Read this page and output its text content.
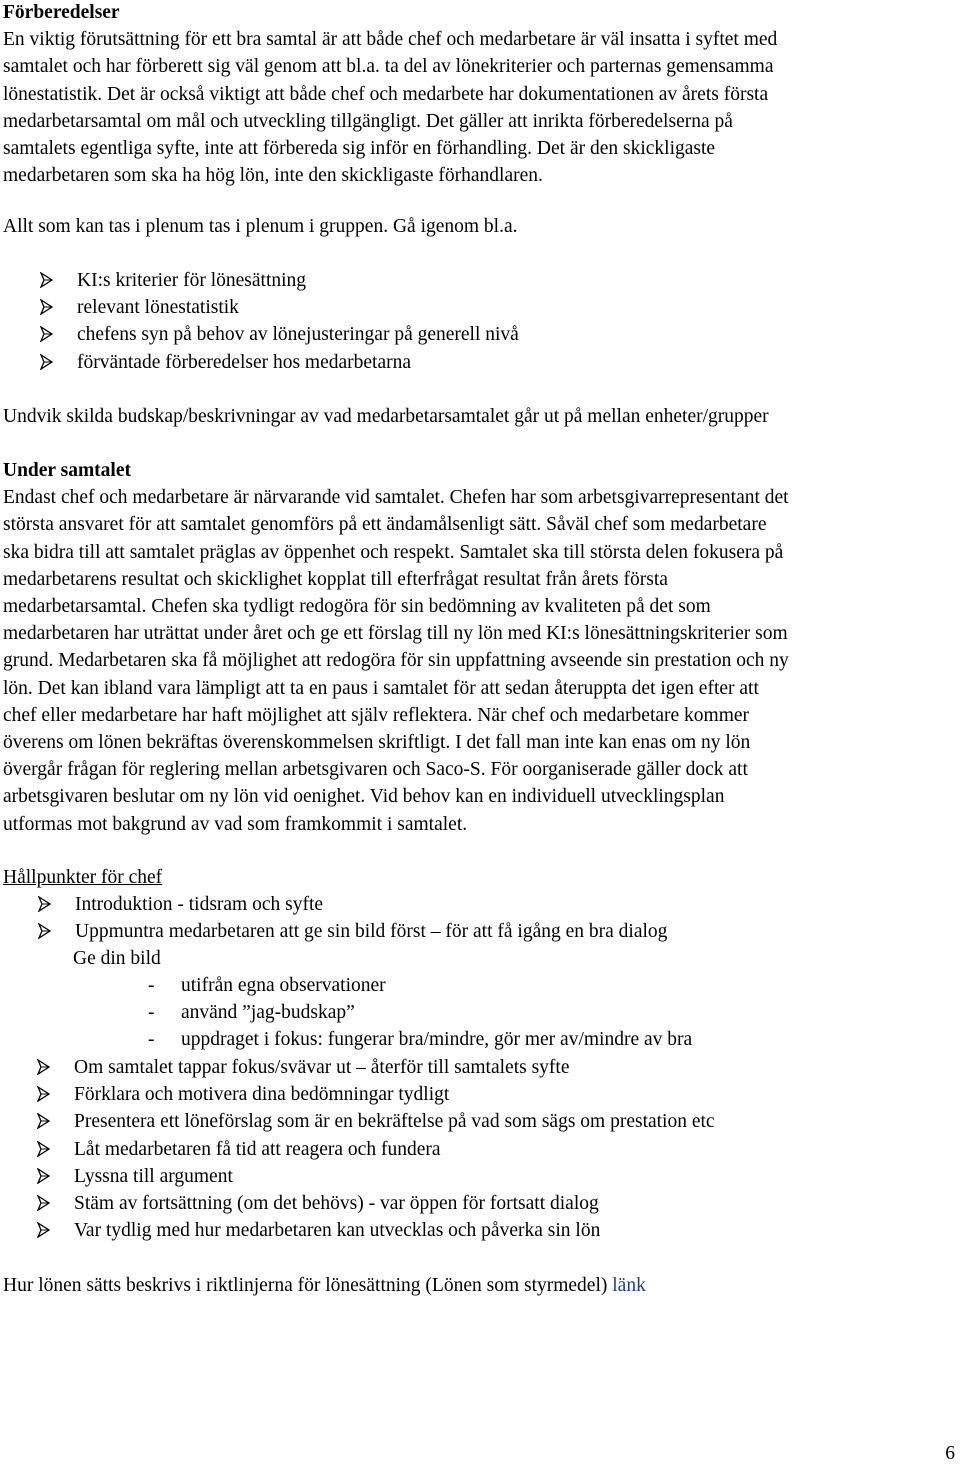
Förberedelser

En viktig förutsättning för ett bra samtal är att både chef och medarbetare är väl insatta i syftet med

samtalet och har förberett sig väl genom att bl.a. ta del av lönekriterier och parternas gemensamma

lönestatistik. Det är också viktigt att både chef och medarbete har dokumentationen av årets första

medarbetarsamtal om mål och utveckling tillgängligt. Det gäller att inrikta förberedelserna på

samtalets egentliga syfte, inte att förbereda sig inför en förhandling. Det är den skickligaste

medarbetaren som ska ha hög lön, inte den skickligaste förhandlaren.

Allt som kan tas i plenum tas i plenum i gruppen. Gå igenom bl.a.

KI:s kriterier för lönesättning
relevant lönestatistik
chefens syn på behov av lönejusteringar på generell nivå
förväntade förberedelser hos medarbetarna

Undvik skilda budskap/beskrivningar av vad medarbetarsamtalet går ut på mellan enheter/grupper

Under samtalet

Endast chef och medarbetare är närvarande vid samtalet. Chefen har som arbetsgivarrepresentant det

största ansvaret för att samtalet genomförs på ett ändamålsenligt sätt. Såväl chef som medarbetare

ska bidra till att samtalet präglas av öppenhet och respekt. Samtalet ska till största delen fokusera på

medarbetarens resultat och skicklighet kopplat till efterfrågat resultat från årets första

medarbetarsamtal. Chefen ska tydligt redogöra för sin bedömning av kvaliteten på det som

medarbetaren har uträttat under året och ge ett förslag till ny lön med KI:s lönesättningskriterier som

grund. Medarbetaren ska få möjlighet att redogöra för sin uppfattning avseende sin prestation och ny

lön. Det kan ibland vara lämpligt att ta en paus i samtalet för att sedan återuppta det igen efter att

chef eller medarbetare har haft möjlighet att själv reflektera. När chef och medarbetare kommer

överens om lönen bekräftas överenskommelsen skriftligt. I det fall man inte kan enas om ny lön

övergår frågan för reglering mellan arbetsgivaren och Saco-S. För oorganiserade gäller dock att

arbetsgivaren beslutar om ny lön vid oenighet. Vid behov kan en individuell utvecklingsplan

utformas mot bakgrund av vad som framkommit i samtalet.

Hållpunkter för chef

Introduktion - tidsram och syfte
Uppmuntra medarbetaren att ge sin bild först – för att få igång en bra dialog

Ge din bild

-	utifrån egna observationer
-	använd ”jag-budskap”
-	uppdraget i fokus: fungerar bra/mindre, gör mer av/mindre av bra
Om samtalet tappar fokus/svävar ut – återför till samtalets syfte
Förklara och motivera dina bedömningar tydligt
Presentera ett löneförslag som är en bekräftelse på vad som sägs om prestation etc
Låt medarbetaren få tid att reagera och fundera
Lyssna till argument
Stäm av fortsättning (om det behövs) - var öppen för fortsatt dialog
Var tydlig med hur medarbetaren kan utvecklas och påverka sin lön

Hur lönen sätts beskrivs i riktlinjerna för lönesättning (Lönen som styrmedel) länk

6
